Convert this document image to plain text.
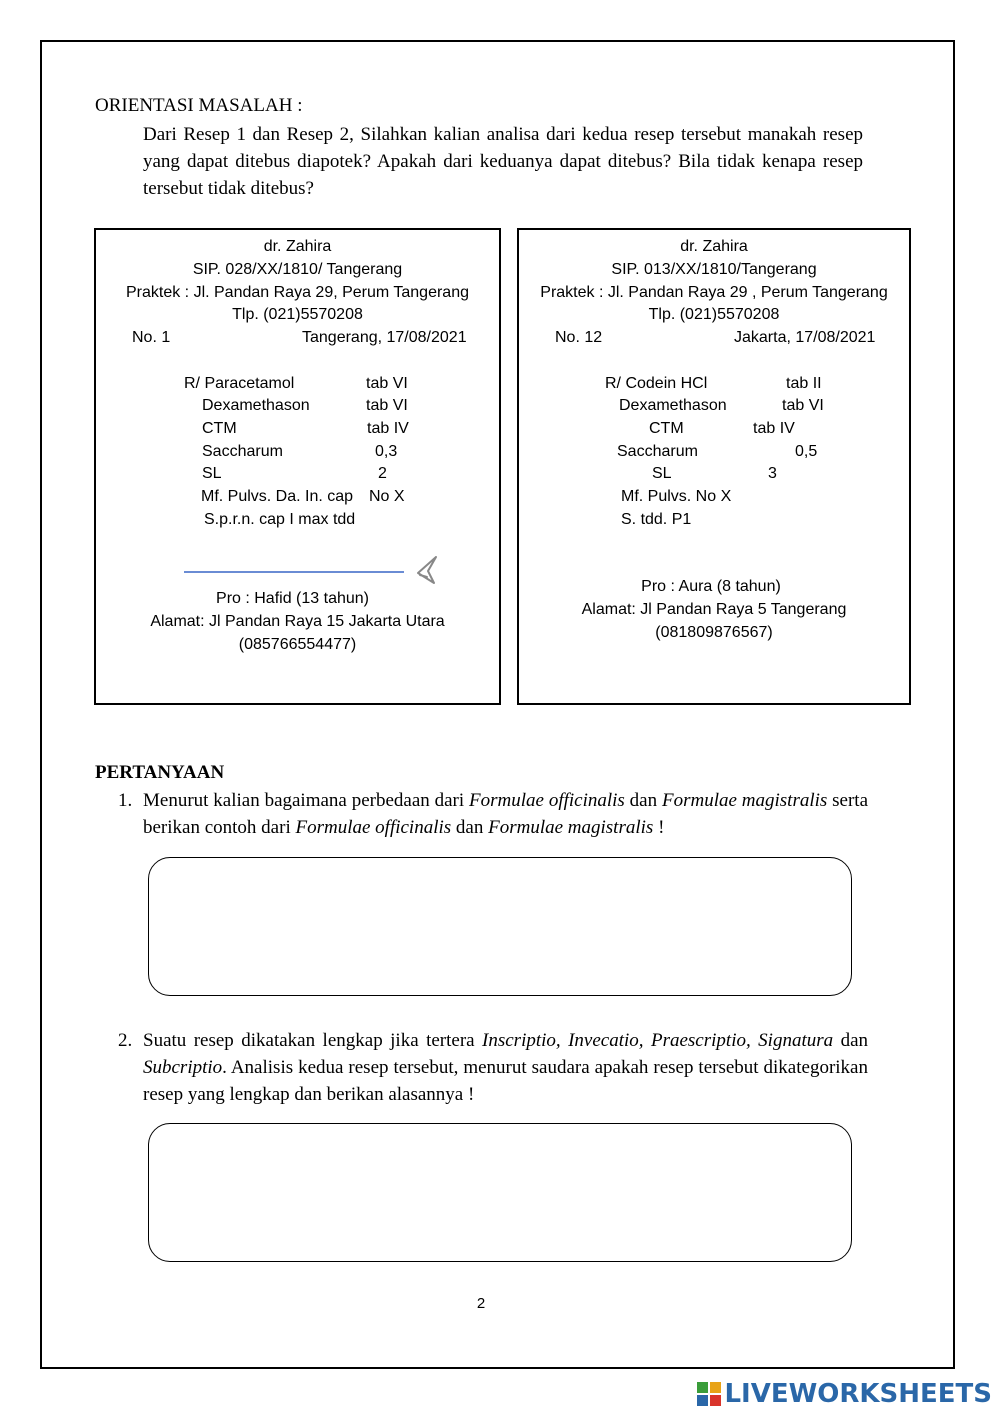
ORIENTASI MASALAH :
Dari Resep 1 dan Resep 2, Silahkan kalian analisa dari kedua resep tersebut manakah resep yang dapat ditebus diapotek? Apakah dari keduanya dapat ditebus? Bila tidak kenapa resep tersebut tidak ditebus?
dr. Zahira
SIP. 028/XX/1810/ Tangerang
Praktek : Jl. Pandan Raya 29, Perum Tangerang
Tlp. (021)5570208
No. 1	Tangerang, 17/08/2021
R/ Paracetamol	tab VI
Dexamethason	tab VI
CTM	tab IV
Saccharum	0,3
SL	2
Mf. Pulvs. Da. In. cap No X
S.p.r.n. cap I max tdd
Pro : Hafid (13 tahun)
Alamat: Jl Pandan Raya 15 Jakarta Utara
(085766554477)
dr. Zahira
SIP. 013/XX/1810/Tangerang
Praktek : Jl. Pandan Raya 29 , Perum Tangerang
Tlp. (021)5570208
No. 12	Jakarta, 17/08/2021
R/ Codein HCl	tab II
Dexamethason	tab VI
CTM	tab IV
Saccharum	0,5
SL	3
Mf. Pulvs. No X
S. tdd. P1
Pro : Aura (8 tahun)
Alamat: Jl Pandan Raya 5 Tangerang
(081809876567)
PERTANYAAN
1. Menurut kalian bagaimana perbedaan dari Formulae officinalis dan Formulae magistralis serta berikan contoh dari Formulae officinalis dan Formulae magistralis !
2. Suatu resep dikatakan lengkap jika tertera Inscriptio, Invecatio, Praescriptio, Signatura dan Subcriptio. Analisis kedua resep tersebut, menurut saudara apakah resep tersebut dikategorikan resep yang lengkap dan berikan alasannya !
2
LIVEWORKSHEETS
